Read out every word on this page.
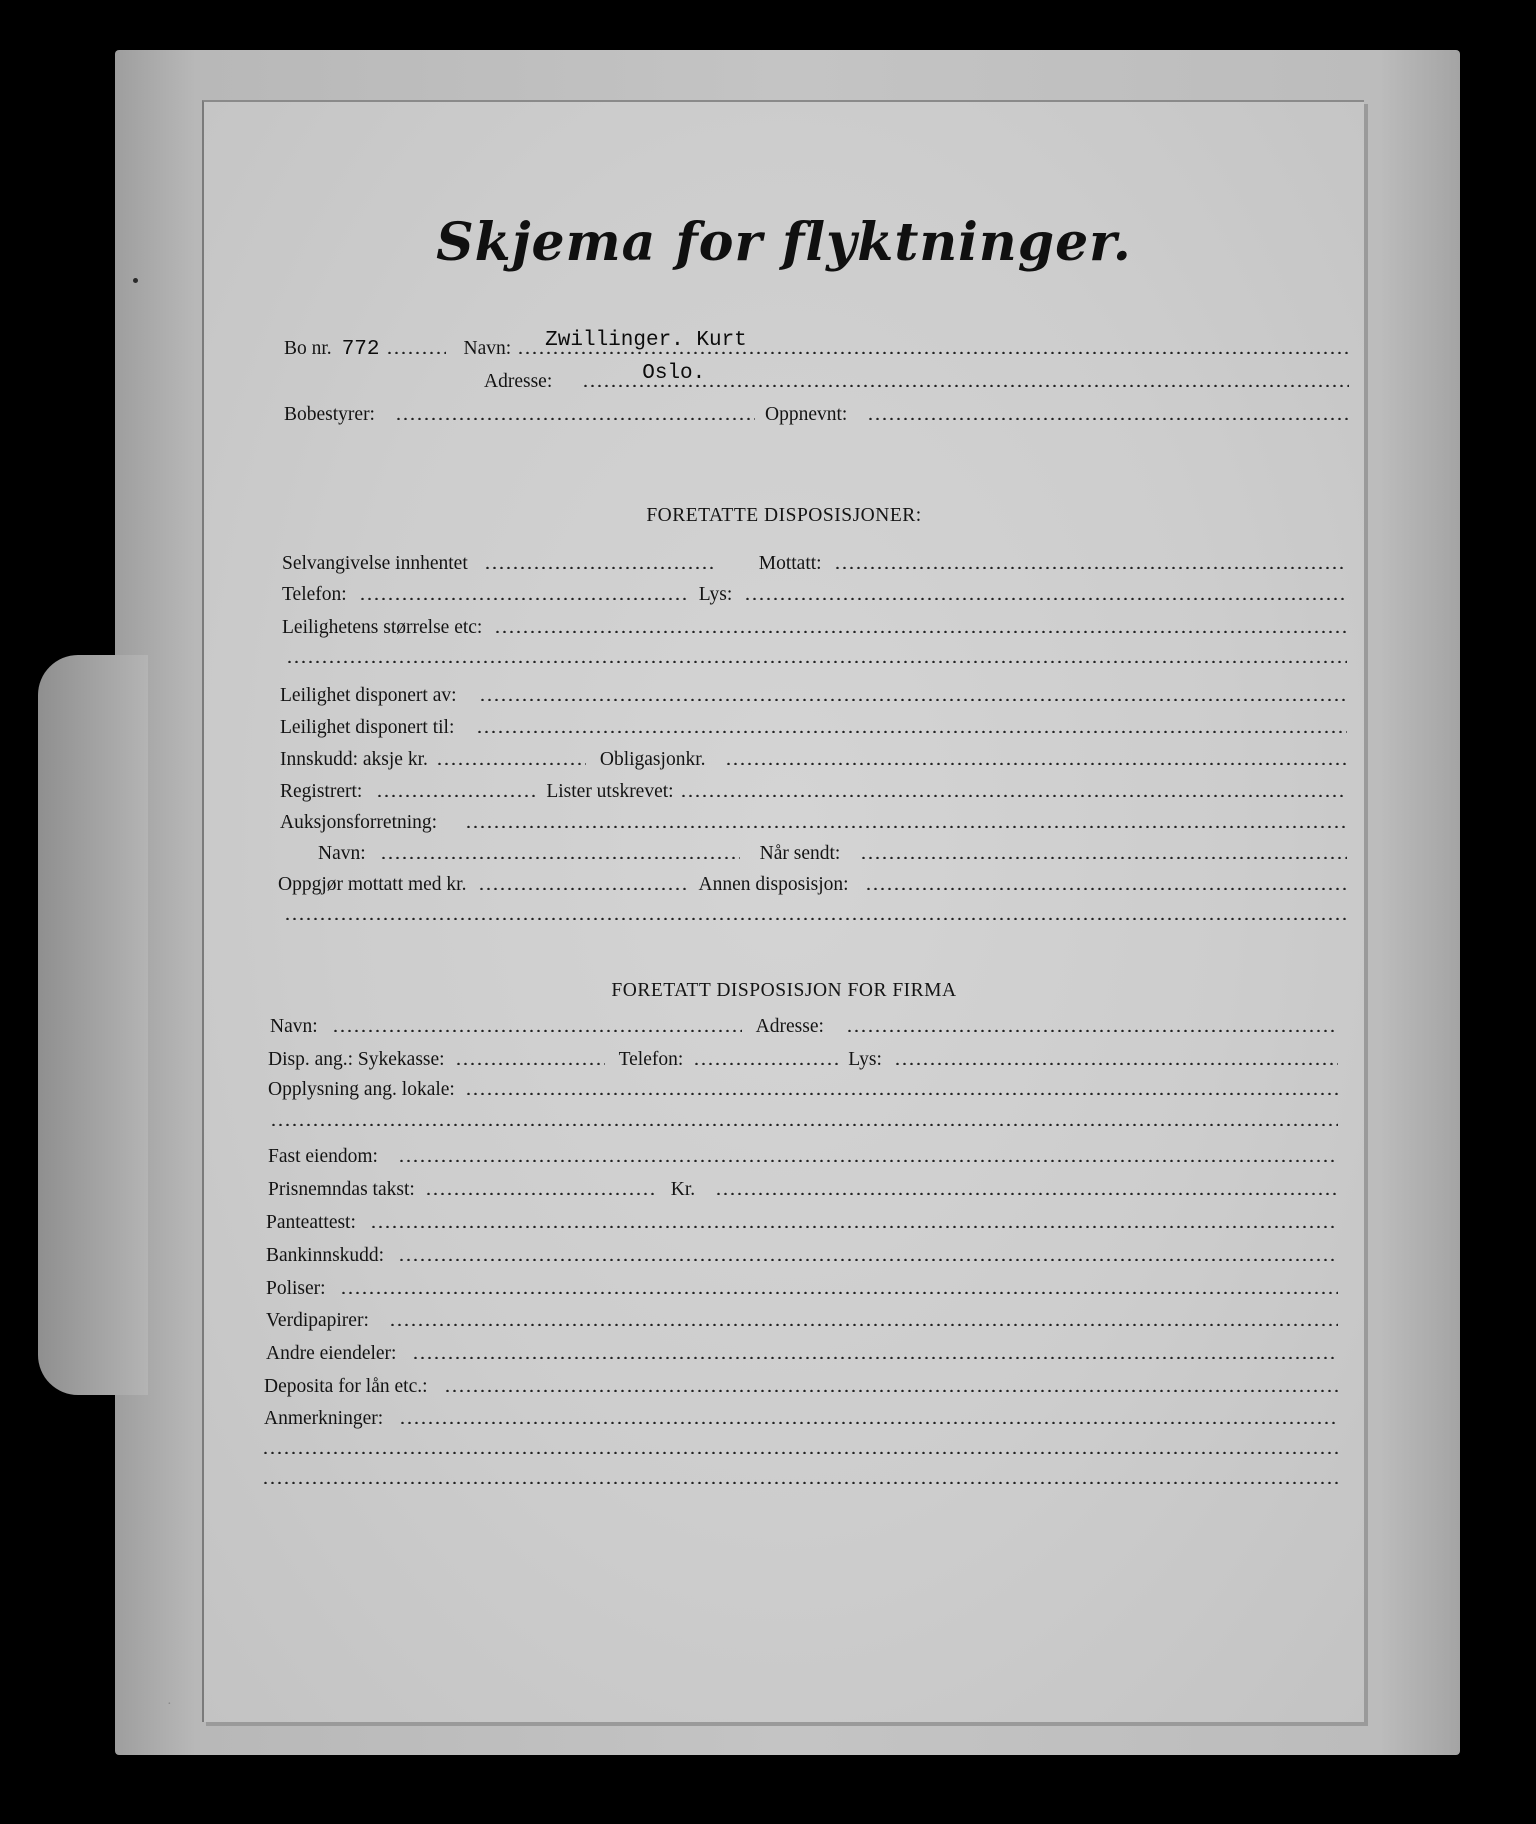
Skjema for flyktninger.
Bo nr. 772	Navn: Zwillinger. Kurt
Adresse:	Oslo.
Bobestyrer:	Oppnevnt:
FORETATTE DISPOSISJONER:
Selvangivelse innhentet	Mottatt:
Telefon:	Lys:
Leilighetens størrelse etc:
Leilighet disponert av:
Leilighet disponert til:
Innskudd: aksje kr.	Obligasjonkr.
Registrert:	Lister utskrevet:
Auksjonsforretning:
Navn:	Når sendt:
Oppgjør mottatt med kr.	Annen disposisjon:
FORETATT DISPOSISJON FOR FIRMA
Navn:	Adresse:
Disp. ang.: Sykekasse:	Telefon:	Lys:
Opplysning ang. lokale:
Fast eiendom:
Prisnemndas takst:	Kr.
Panteattest:
Bankinnskudd:
Poliser:
Verdipapirer:
Andre eiendeler:
Deposita for lån etc.:
Anmerkninger:
·
